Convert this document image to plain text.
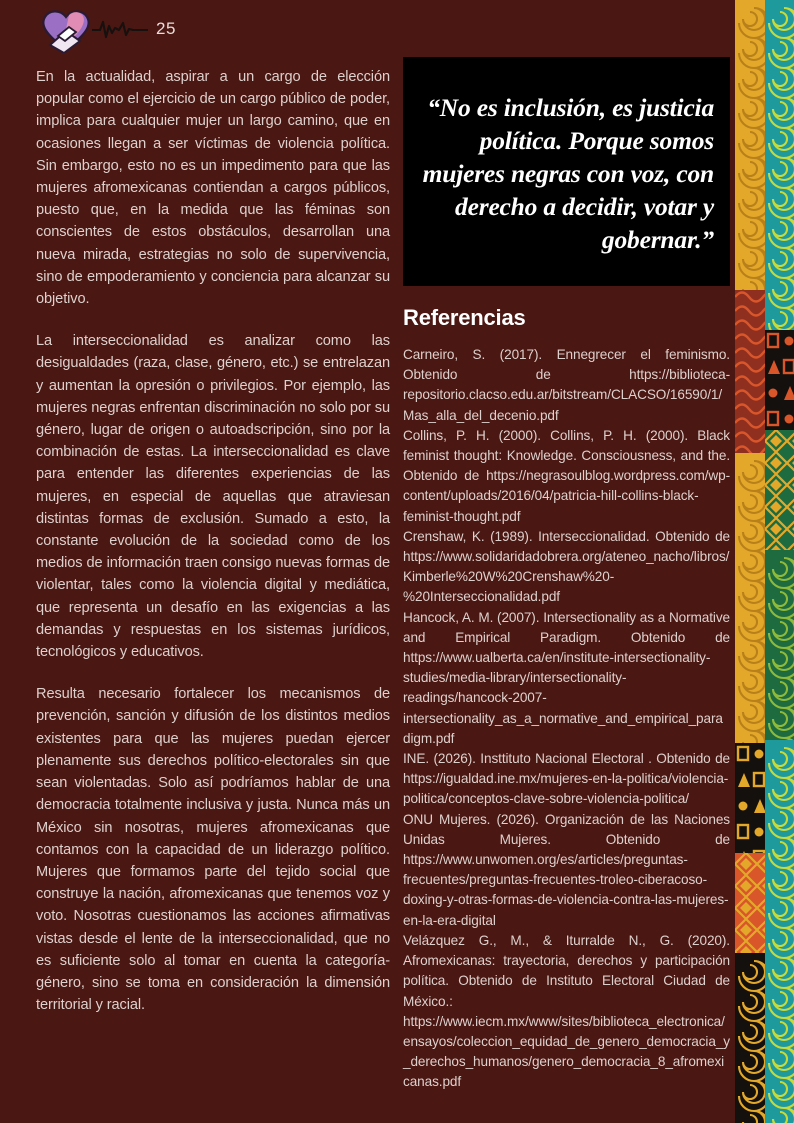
25

En la actualidad, aspirar a un cargo de elección popular como el ejercicio de un cargo público de poder, implica para cualquier mujer un largo camino, que en ocasiones llegan a ser víctimas de violencia política. Sin embargo, esto no es un impedimento para que las mujeres afromexicanas contiendan a cargos públicos, puesto que, en la medida que las féminas son conscientes de estos obstáculos, desarrollan una nueva mirada, estrategias no solo de supervivencia, sino de empoderamiento y conciencia para alcanzar su objetivo.

La interseccionalidad es analizar como las desigualdades (raza, clase, género, etc.) se entrelazan y aumentan la opresión o privilegios. Por ejemplo, las mujeres negras enfrentan discriminación no solo por su género, lugar de origen o autoadscripción, sino por la combinación de estas. La interseccionalidad es clave para entender las diferentes experiencias de las mujeres, en especial de aquellas que atraviesan distintas formas de exclusión. Sumado a esto, la constante evolución de la sociedad como de los medios de información traen consigo nuevas formas de violentar, tales como la violencia digital y mediática, que representa un desafío en las exigencias a las demandas y respuestas en los sistemas jurídicos, tecnológicos y educativos.

Resulta necesario fortalecer los mecanismos de prevención, sanción y difusión de los distintos medios existentes para que las mujeres puedan ejercer plenamente sus derechos político-electorales sin que sean violentadas. Solo así podríamos hablar de una democracia totalmente inclusiva y justa. Nunca más un México sin nosotras, mujeres afromexicanas que contamos con la capacidad de un liderazgo político. Mujeres que formamos parte del tejido social que construye la nación, afromexicanas que tenemos voz y voto. Nosotras cuestionamos las acciones afirmativas vistas desde el lente de la interseccionalidad, que no es suficiente solo al tomar en cuenta la categoría-género, sino se toma en consideración la dimensión territorial y racial.

“No es inclusión, es justicia política. Porque somos mujeres negras con voz, con derecho a decidir, votar y gobernar.”

Referencias

Carneiro, S. (2017). Ennegrecer el feminismo. Obtenido de https://biblioteca-repositorio.clacso.edu.ar/bitstream/CLACSO/16590/1/Mas_alla_del_decenio.pdf

Collins, P. H. (2000). Collins, P. H. (2000). Black feminist thought: Knowledge. Consciousness, and the. Obtenido de https://negrasoulblog.wordpress.com/wp-content/uploads/2016/04/patricia-hill-collins-black-feminist-thought.pdf

Crenshaw, K. (1989). Interseccionalidad. Obtenido de https://www.solidaridadobrera.org/ateneo_nacho/libros/Kimberle%20W%20Crenshaw%20-%20Interseccionalidad.pdf

Hancock, A. M. (2007). Intersectionality as a Normative and Empirical Paradigm. Obtenido de https://www.ualberta.ca/en/institute-intersectionality-studies/media-library/intersectionality-readings/hancock-2007-intersectionality_as_a_normative_and_empirical_paradigm.pdf

INE. (2026). Insttituto Nacional Electoral . Obtenido de https://igualdad.ine.mx/mujeres-en-la-politica/violencia-politica/conceptos-clave-sobre-violencia-politica/

ONU Mujeres. (2026). Organización de las Naciones Unidas Mujeres. Obtenido de https://www.unwomen.org/es/articles/preguntas-frecuentes/preguntas-frecuentes-troleo-ciberacoso-doxing-y-otras-formas-de-violencia-contra-las-mujeres-en-la-era-digital

Velázquez G., M., & Iturralde N., G. (2020). Afromexicanas: trayectoria, derechos y participación política. Obtenido de Instituto Electoral Ciudad de México.: https://www.iecm.mx/www/sites/biblioteca_electronica/ensayos/coleccion_equidad_de_genero_democracia_y_derechos_humanos/genero_democracia_8_afromexicanas.pdf
